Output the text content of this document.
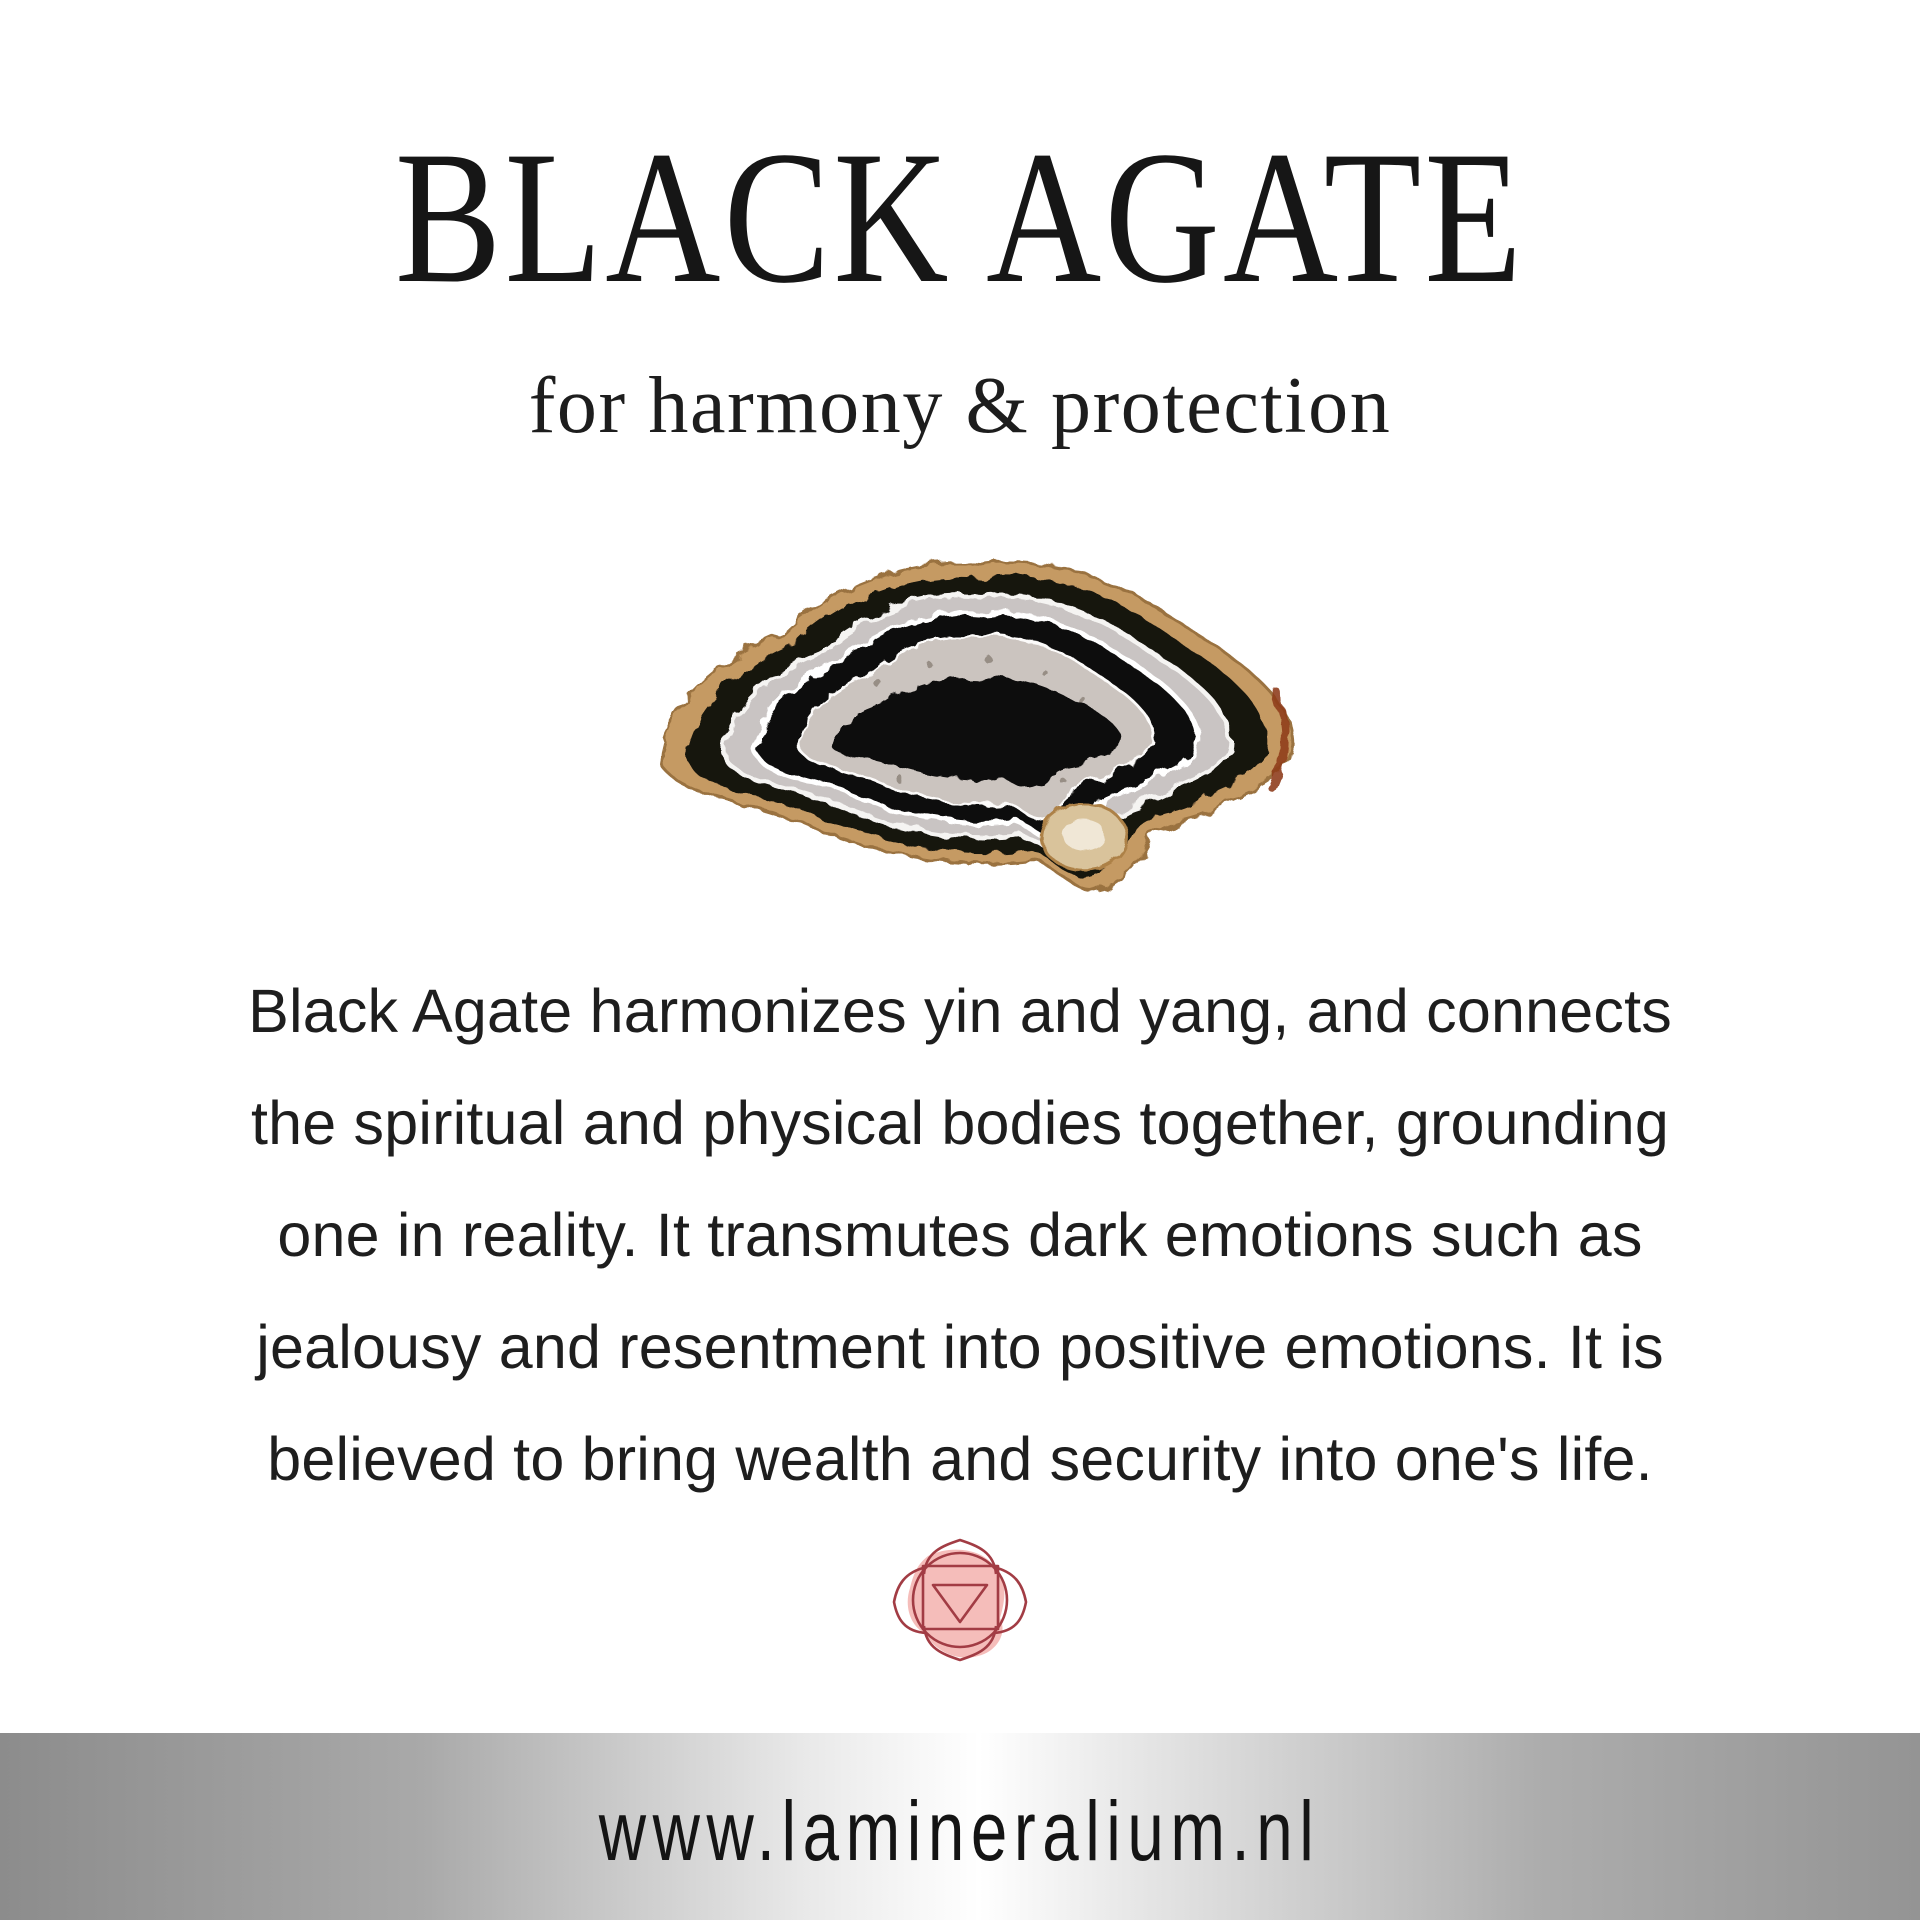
BLACK AGATE
for harmony & protection
Black Agate harmonizes yin and yang, and connects
the spiritual and physical bodies together, grounding
one in reality. It transmutes dark emotions such as
jealousy and resentment into positive emotions. It is
believed to bring wealth and security into one's life.
www.lamineralium.nl
